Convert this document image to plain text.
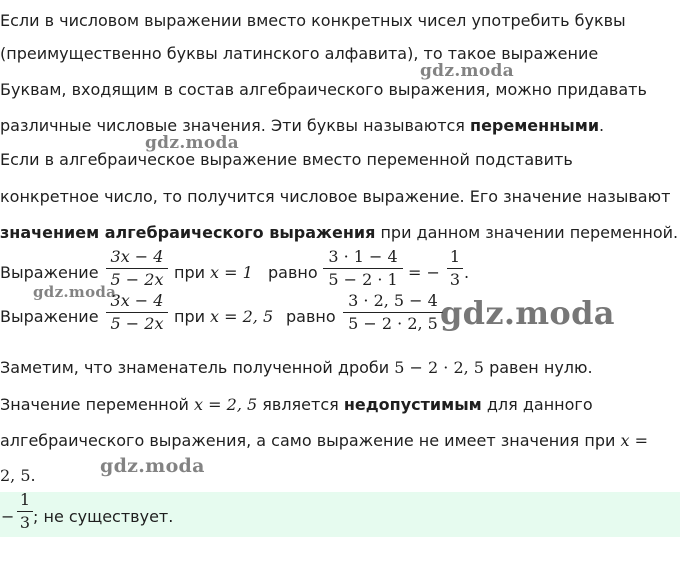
Если в числовом выражении вместо конкретных чисел употребить буквы
(преимущественно буквы латинского алфавита), то такое выражение
gdz.moda
Буквам, входящим в состав алгебраического выражения, можно придавать
различные числовые значения. Эти буквы называются переменными.
gdz.moda
Если в алгебраическое выражение вместо переменной подставить
конкретное число, то получится числовое выражение. Его значение называют
значением алгебраического выражения при данном значении переменной.
Выражение
3x − 4
5 − 2x при x = 1 равно
3 · 1 − 4
5 − 2 · 1 = −
1
3 .
gdz.moda
Выражение
3x − 4
5 − 2x при x = 2, 5 равно
3 · 2, 5 − 4
5 − 2 · 2, 5 gdz.moda
Заметим, что знаменатель полученной дроби 5 − 2 · 2, 5 равен нулю.
Значение переменной x = 2, 5 является недопустимым для данного
алгебраического выражения, а само выражение не имеет значения при x =
2, 5.	gdz.moda
−
1
3 ; не существует.
